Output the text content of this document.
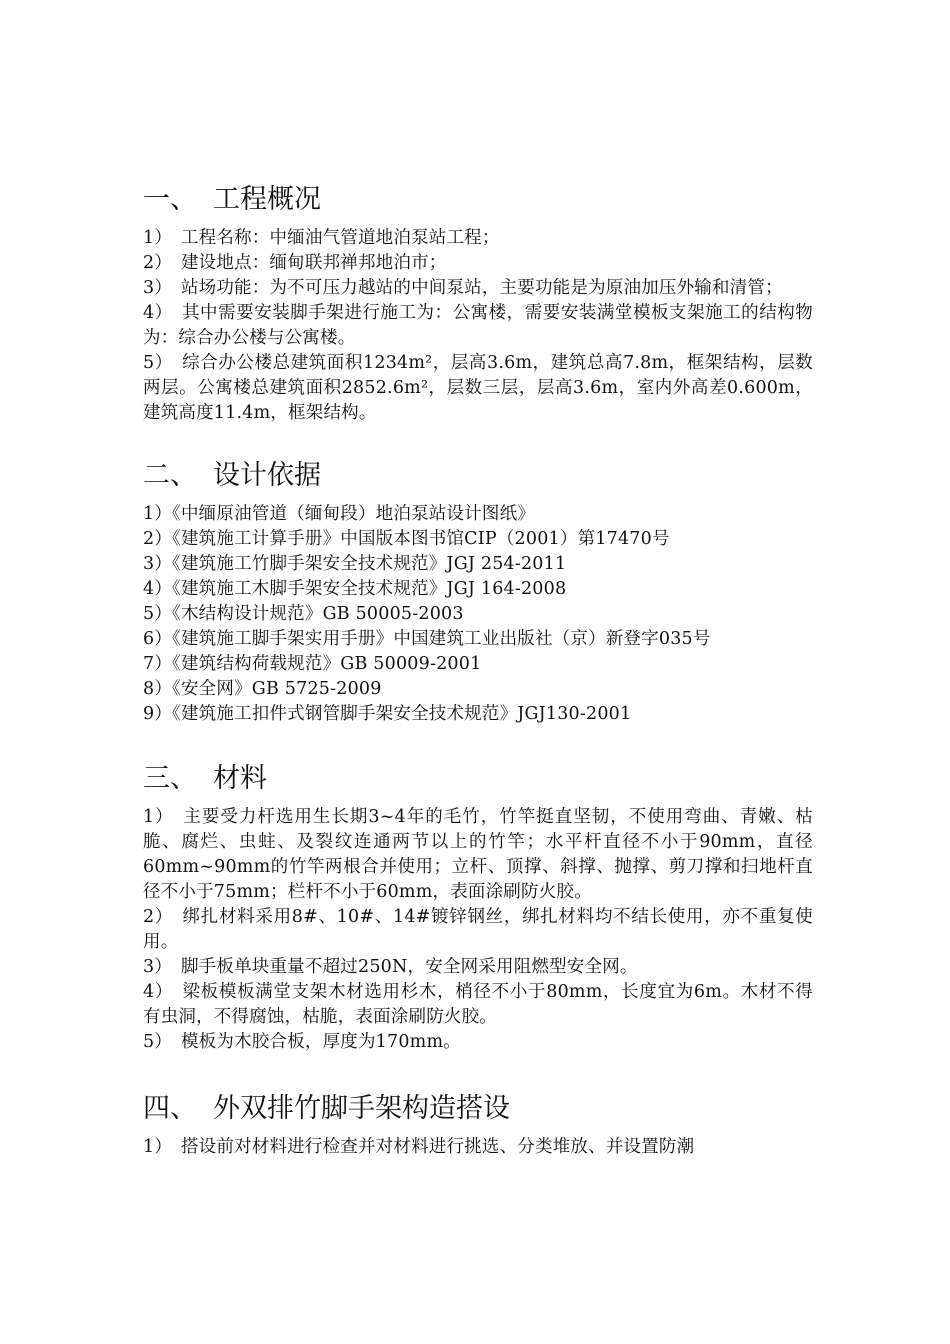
一、 工程概况

1）　工程名称：中缅油气管道地泊泵站工程；

2）　建设地点：缅甸联邦禅邦地泊市；

3）　站场功能：为不可压力越站的中间泵站，主要功能是为原油加压外输和清管；

4）　其中需要安装脚手架进行施工为：公寓楼，需要安装满堂模板支架施工的结构物为：综合办公楼与公寓楼。

5）　综合办公楼总建筑面积1234m²，层高3.6m，建筑总高7.8m，框架结构，层数两层。公寓楼总建筑面积2852.6m²，层数三层，层高3.6m，室内外高差0.600m，建筑高度11.4m，框架结构。

二、 设计依据

1）《中缅原油管道（缅甸段）地泊泵站设计图纸》

2）《建筑施工计算手册》中国版本图书馆CIP（2001）第17470号

3）《建筑施工竹脚手架安全技术规范》JGJ 254-2011

4）《建筑施工木脚手架安全技术规范》JGJ 164-2008

5）《木结构设计规范》GB 50005-2003

6）《建筑施工脚手架实用手册》中国建筑工业出版社（京）新登字035号

7）《建筑结构荷载规范》GB 50009-2001

8）《安全网》GB 5725-2009

9）《建筑施工扣件式钢管脚手架安全技术规范》JGJ130-2001

三、 材料

1）　主要受力杆选用生长期3~4年的毛竹，竹竿挺直坚韧，不使用弯曲、青嫩、枯脆、腐烂、虫蛀、及裂纹连通两节以上的竹竿；水平杆直径不小于90mm，直径60mm~90mm的竹竿两根合并使用；立杆、顶撑、斜撑、抛撑、剪刀撑和扫地杆直径不小于75mm；栏杆不小于60mm，表面涂刷防火胶。

2）　绑扎材料采用8#、10#、14#镀锌钢丝，绑扎材料均不结长使用，亦不重复使用。

3）　脚手板单块重量不超过250N，安全网采用阻燃型安全网。

4）　梁板模板满堂支架木材选用杉木，梢径不小于80mm，长度宜为6m。木材不得有虫洞，不得腐蚀，枯脆，表面涂刷防火胶。

5）　模板为木胶合板，厚度为170mm。

四、 外双排竹脚手架构造搭设

1）　搭设前对材料进行检查并对材料进行挑选、分类堆放、并设置防潮
